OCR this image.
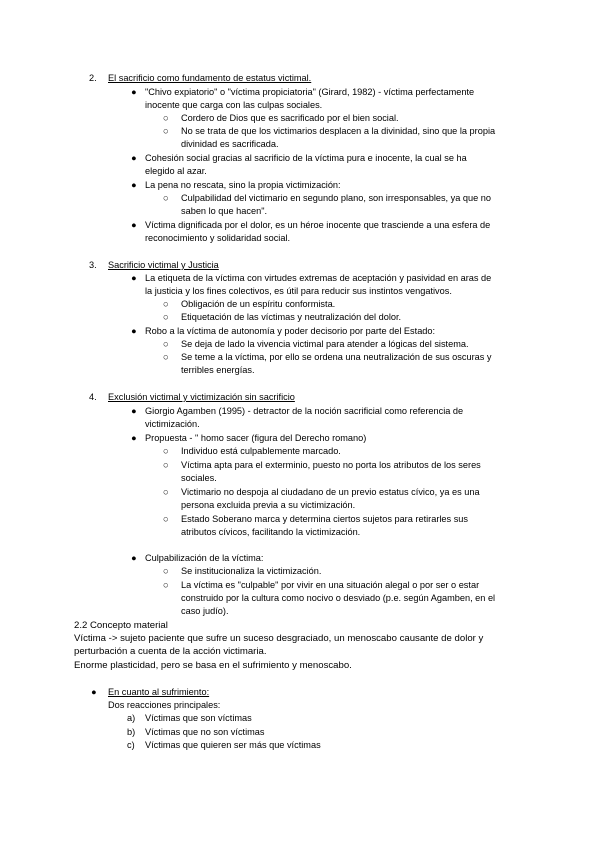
2. El sacrificio como fundamento de estatus victimal.
● "Chivo expiatorio" o "víctima propiciatoria" (Girard, 1982) - víctima perfectamente
inocente que carga con las culpas sociales.
○ Cordero de Dios que es sacrificado por el bien social.
○ No se trata de que los victimarios desplacen a la divinidad, sino que la propia
divinidad es sacrificada.
● Cohesión social gracias al sacrificio de la víctima pura e inocente, la cual se ha
elegido al azar.
● La pena no rescata, sino la propia victimización:
○ Culpabilidad del victimario en segundo plano, son irresponsables, ya que no
saben lo que hacen".
● Víctima dignificada por el dolor, es un héroe inocente que trasciende a una esfera de
reconocimiento y solidaridad social.
3. Sacrificio victimal y Justicia
● La etiqueta de la víctima con virtudes extremas de aceptación y pasividad en aras de
la justicia y los fines colectivos, es útil para reducir sus instintos vengativos.
○ Obligación de un espíritu conformista.
○ Etiquetación de las víctimas y neutralización del dolor.
● Robo a la víctima de autonomía y poder decisorio por parte del Estado:
○ Se deja de lado la vivencia victimal para atender a lógicas del sistema.
○ Se teme a la víctima, por ello se ordena una neutralización de sus oscuras y
terribles energías.
4. Exclusión victimal y victimización sin sacrificio
● Giorgio Agamben (1995) - detractor de la noción sacrificial como referencia de
victimización.
● Propuesta - " homo sacer (figura del Derecho romano)
○ Individuo está culpablemente marcado.
○ Víctima apta para el exterminio, puesto no porta los atributos de los seres
sociales.
○ Victimario no despoja al ciudadano de un previo estatus cívico, ya es una
persona excluida previa a su victimización.
○ Estado Soberano marca y determina ciertos sujetos para retirarles sus
atributos cívicos, facilitando la victimización.
● Culpabilización de la víctima:
○ Se institucionaliza la victimización.
○ La víctima es "culpable" por vivir en una situación alegal o por ser o estar
construido por la cultura como nocivo o desviado (p.e. según Agamben, en el
caso judío).
2.2 Concepto material
Víctima -> sujeto paciente que sufre un suceso desgraciado, un menoscabo causante de dolor y
perturbación a cuenta de la acción victimaria.
Enorme plasticidad, pero se basa en el sufrimiento y menoscabo.
● En cuanto al sufrimiento:
Dos reacciones principales:
a) Víctimas que son víctimas
b) Víctimas que no son víctimas
c) Víctimas que quieren ser más que víctimas
